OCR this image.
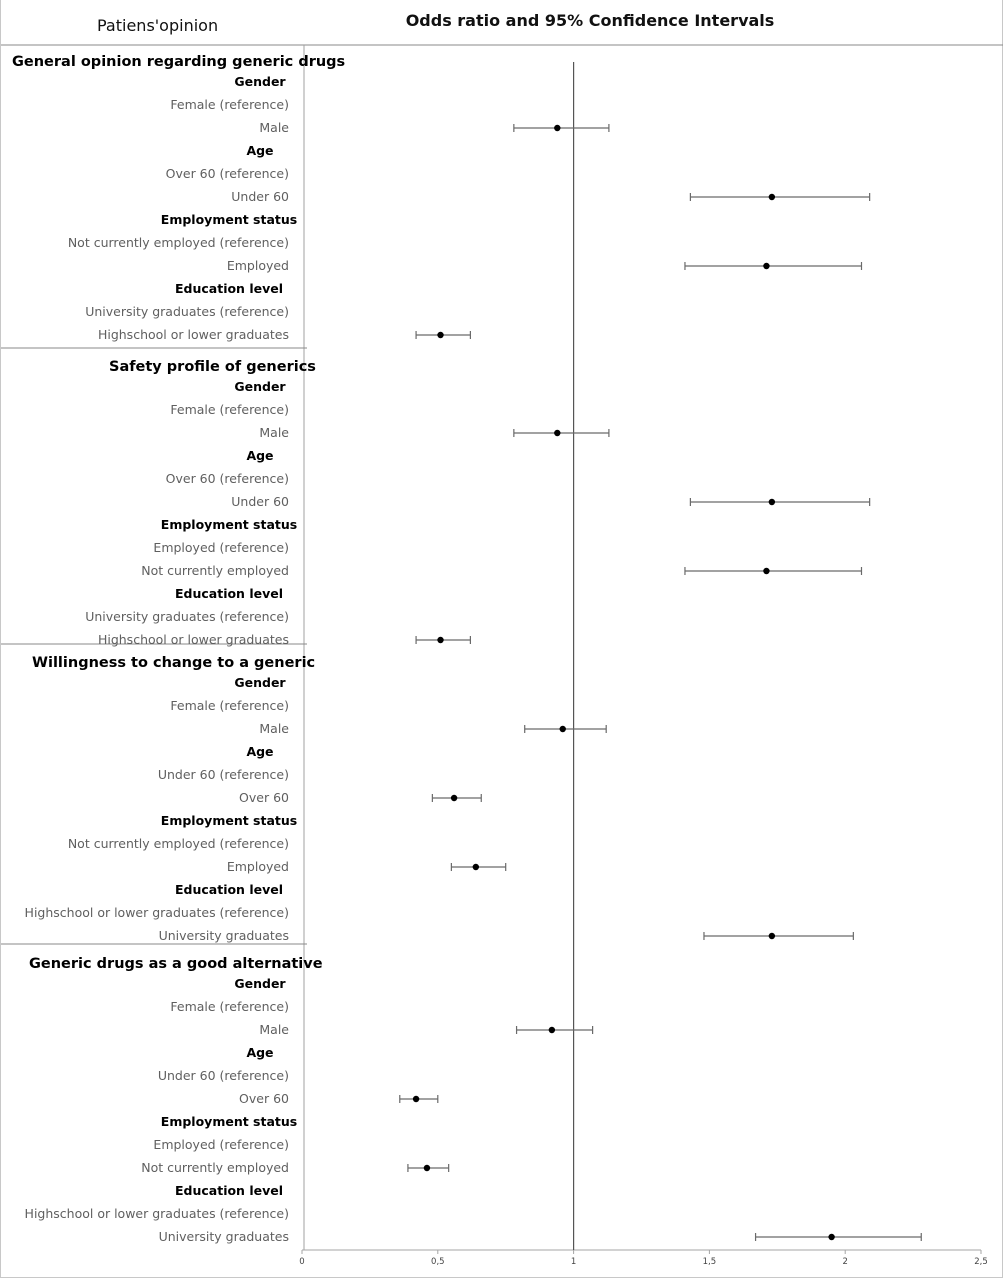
Patiens'opinion	Odds ratio and 95% Confidence Intervals
General opinion regarding generic drugs
Gender
Female (reference)
Male
Age
Over 60 (reference)
Under 60
Employment status
Not currently employed (reference)
Employed
Education level
University graduates (reference)
Highschool or lower graduates
Safety profile of generics
Gender
Female (reference)
Male
Age
Over 60 (reference)
Under 60
Employment status
Employed (reference)
Not currently employed
Education level
University graduates (reference)
Highschool or lower graduates
Willingness to change to a generic
Gender
Female (reference)
Male
Age
Under 60 (reference)
Over 60
Employment status
Not currently employed (reference)
Employed
Education level
Highschool or lower graduates (reference)
University graduates
Generic drugs as a good alternative
Gender
Female (reference)
Male
Age
Under 60 (reference)
Over 60
Employment status
Employed (reference)
Not currently employed
Education level
Highschool or lower graduates (reference)
University graduates
0	0,5	1	1,5	2	2,5
